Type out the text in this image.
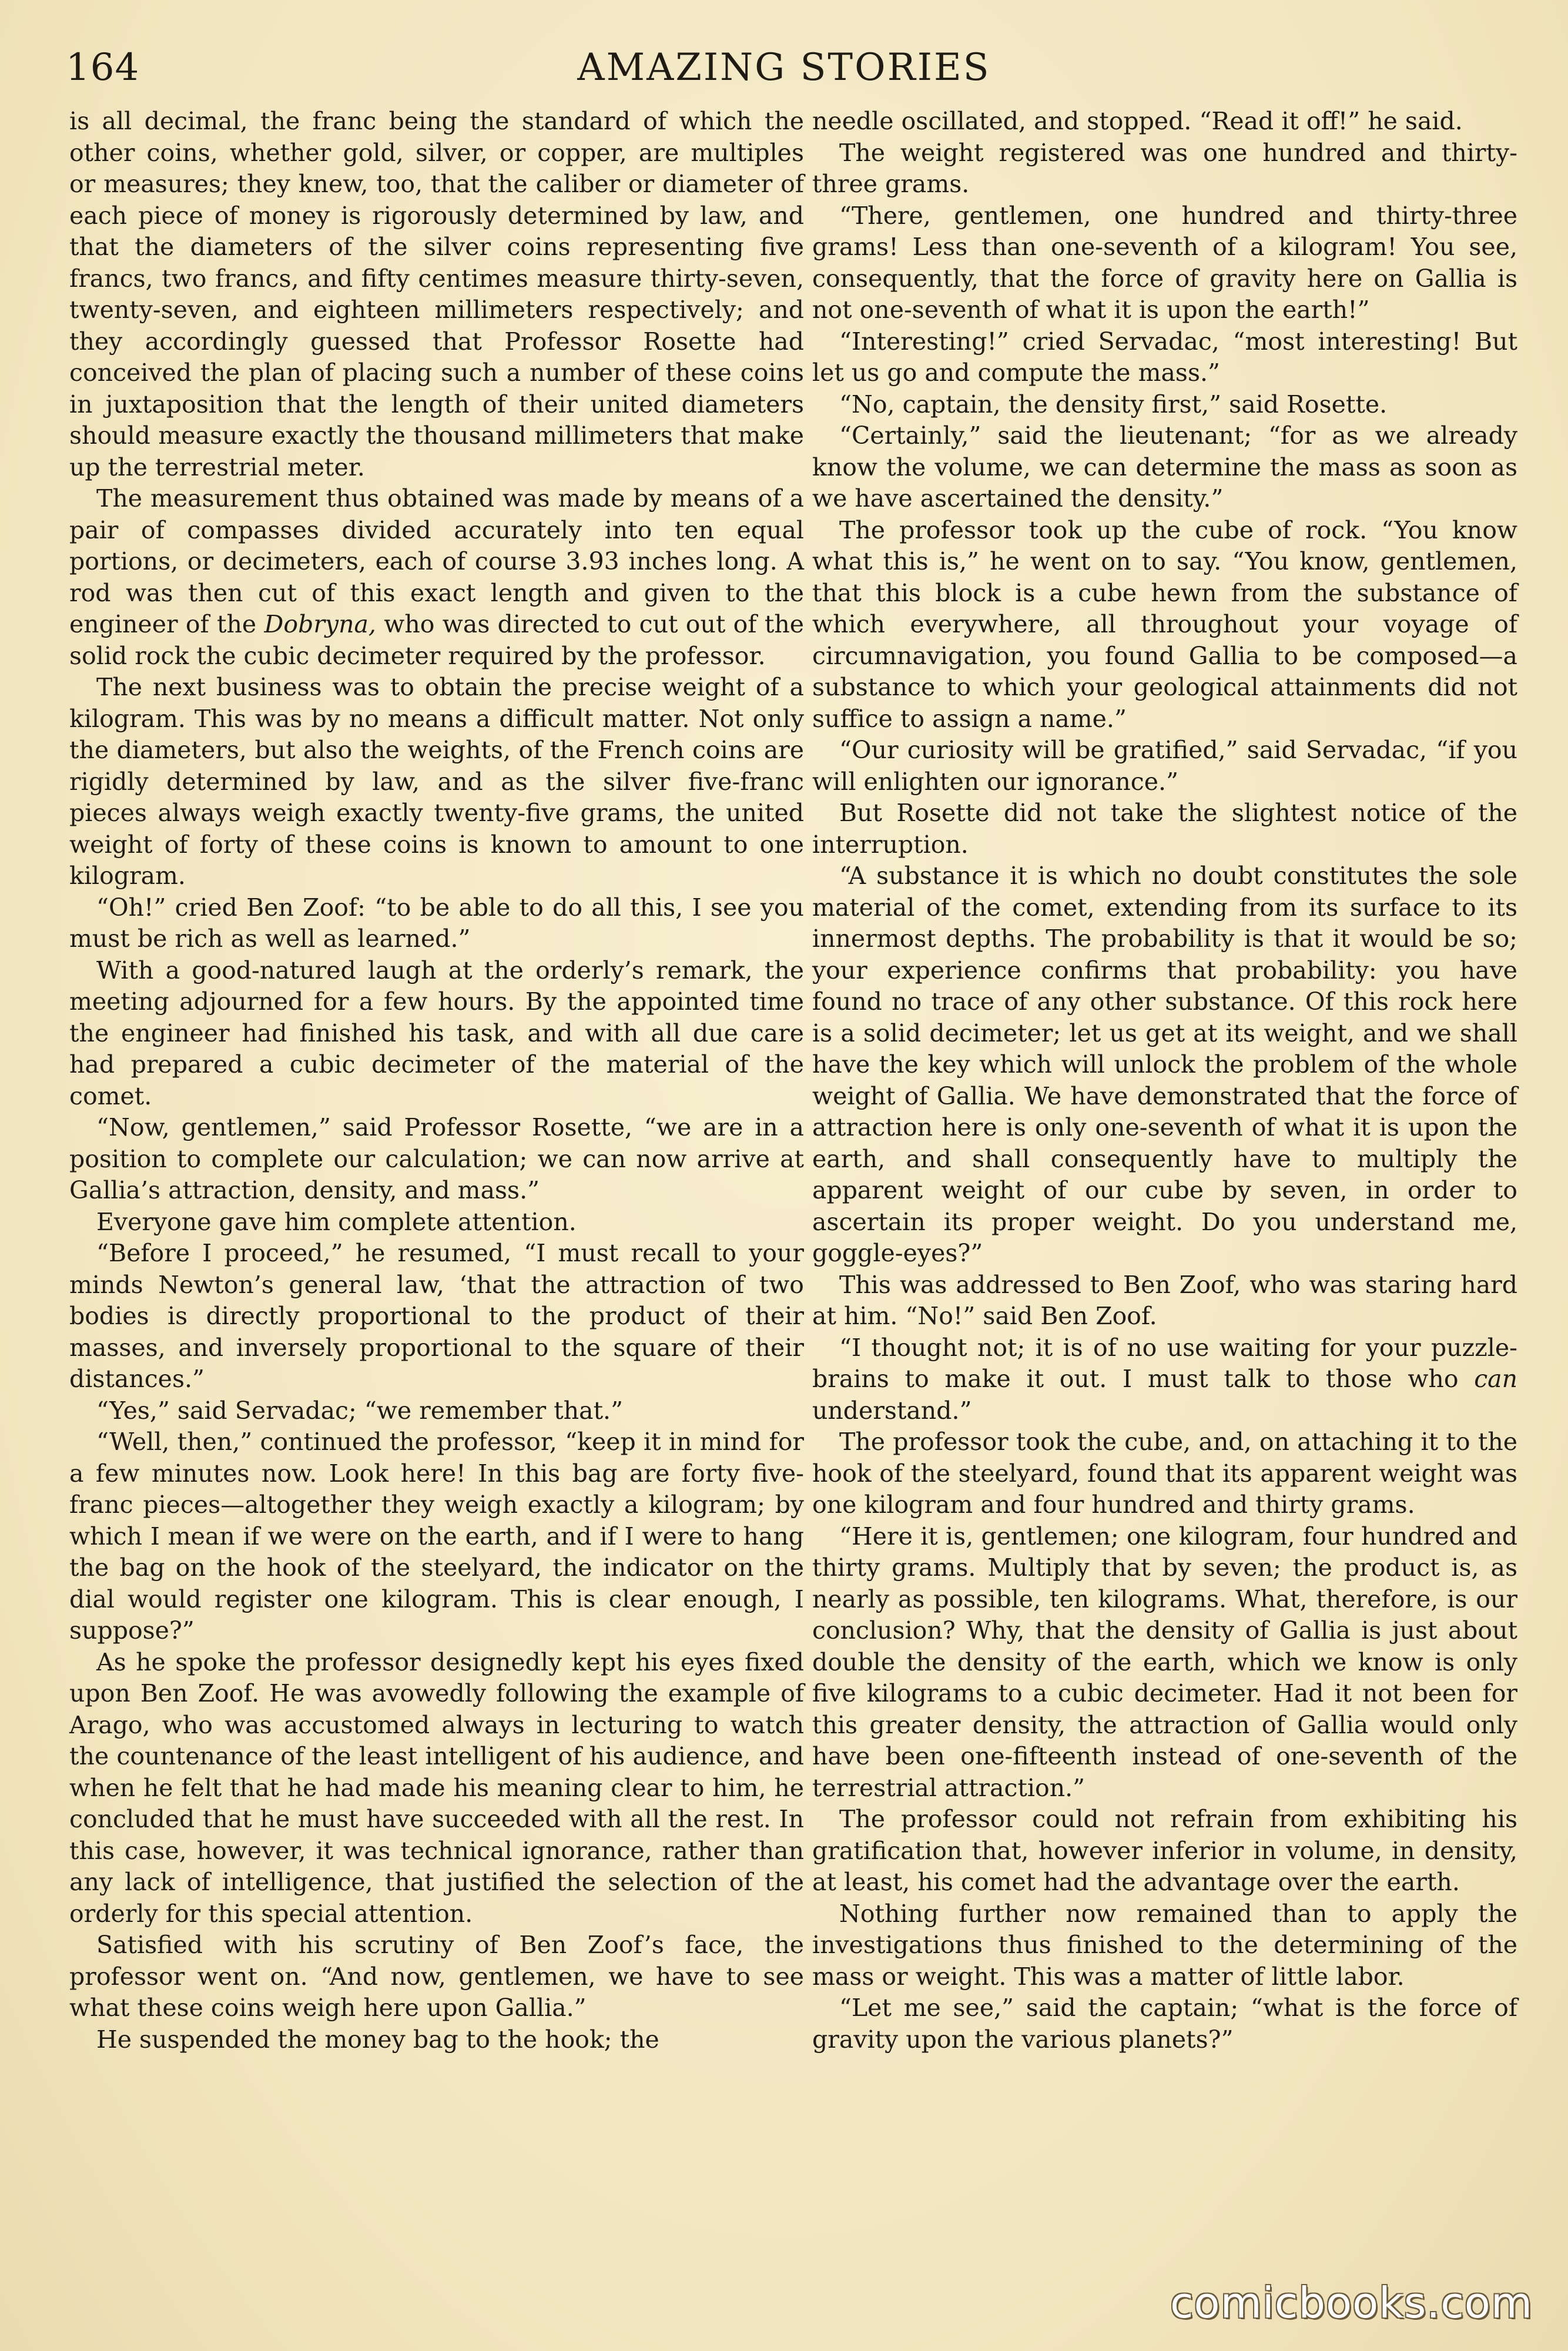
164	AMAZING STORIES

is all decimal, the franc being the standard of which the other coins, whether gold, silver, or copper, are multiples or measures; they knew, too, that the caliber or diameter of each piece of money is rigorously determined by law, and that the diameters of the silver coins representing five francs, two francs, and fifty centimes measure thirty-seven, twenty-seven, and eighteen millimeters respectively; and they accordingly guessed that Professor Rosette had conceived the plan of placing such a number of these coins in juxtaposition that the length of their united diameters should measure exactly the thousand millimeters that make up the terrestrial meter.

The measurement thus obtained was made by means of a pair of compasses divided accurately into ten equal portions, or decimeters, each of course 3.93 inches long. A rod was then cut of this exact length and given to the engineer of the Dobryna, who was directed to cut out of the solid rock the cubic decimeter required by the professor.

The next business was to obtain the precise weight of a kilogram. This was by no means a difficult matter. Not only the diameters, but also the weights, of the French coins are rigidly determined by law, and as the silver five-franc pieces always weigh exactly twenty-five grams, the united weight of forty of these coins is known to amount to one kilogram.

“Oh!” cried Ben Zoof: “to be able to do all this, I see you must be rich as well as learned.”

With a good-natured laugh at the orderly’s remark, the meeting adjourned for a few hours. By the appointed time the engineer had finished his task, and with all due care had prepared a cubic decimeter of the material of the comet.

“Now, gentlemen,” said Professor Rosette, “we are in a position to complete our calculation; we can now arrive at Gallia’s attraction, density, and mass.”

Everyone gave him complete attention.

“Before I proceed,” he resumed, “I must recall to your minds Newton’s general law, ‘that the attraction of two bodies is directly proportional to the product of their masses, and inversely proportional to the square of their distances.”

“Yes,” said Servadac; “we remember that.”

“Well, then,” continued the professor, “keep it in mind for a few minutes now. Look here! In this bag are forty five-franc pieces—altogether they weigh exactly a kilogram; by which I mean if we were on the earth, and if I were to hang the bag on the hook of the steelyard, the indicator on the dial would register one kilogram. This is clear enough, I suppose?”

As he spoke the professor designedly kept his eyes fixed upon Ben Zoof. He was avowedly following the example of Arago, who was accustomed always in lecturing to watch the countenance of the least intelligent of his audience, and when he felt that he had made his meaning clear to him, he concluded that he must have succeeded with all the rest. In this case, however, it was technical ignorance, rather than any lack of intelligence, that justified the selection of the orderly for this special attention.

Satisfied with his scrutiny of Ben Zoof’s face, the professor went on. “And now, gentlemen, we have to see what these coins weigh here upon Gallia.”

He suspended the money bag to the hook; the

needle oscillated, and stopped. “Read it off!” he said.

The weight registered was one hundred and thirty-three grams.

“There, gentlemen, one hundred and thirty-three grams! Less than one-seventh of a kilogram! You see, consequently, that the force of gravity here on Gallia is not one-seventh of what it is upon the earth!”

“Interesting!” cried Servadac, “most interesting! But let us go and compute the mass.”

“No, captain, the density first,” said Rosette.

“Certainly,” said the lieutenant; “for as we already know the volume, we can determine the mass as soon as we have ascertained the density.”

The professor took up the cube of rock. “You know what this is,” he went on to say. “You know, gentlemen, that this block is a cube hewn from the substance of which everywhere, all throughout your voyage of circumnavigation, you found Gallia to be composed—a substance to which your geological attainments did not suffice to assign a name.”

“Our curiosity will be gratified,” said Servadac, “if you will enlighten our ignorance.”

But Rosette did not take the slightest notice of the interruption.

“A substance it is which no doubt constitutes the sole material of the comet, extending from its surface to its innermost depths. The probability is that it would be so; your experience confirms that probability: you have found no trace of any other substance. Of this rock here is a solid decimeter; let us get at its weight, and we shall have the key which will unlock the problem of the whole weight of Gallia. We have demonstrated that the force of attraction here is only one-seventh of what it is upon the earth, and shall consequently have to multiply the apparent weight of our cube by seven, in order to ascertain its proper weight. Do you understand me, goggle-eyes?”

This was addressed to Ben Zoof, who was staring hard at him. “No!” said Ben Zoof.

“I thought not; it is of no use waiting for your puzzle-brains to make it out. I must talk to those who can understand.”

The professor took the cube, and, on attaching it to the hook of the steelyard, found that its apparent weight was one kilogram and four hundred and thirty grams.

“Here it is, gentlemen; one kilogram, four hundred and thirty grams. Multiply that by seven; the product is, as nearly as possible, ten kilograms. What, therefore, is our conclusion? Why, that the density of Gallia is just about double the density of the earth, which we know is only five kilograms to a cubic decimeter. Had it not been for this greater density, the attraction of Gallia would only have been one-fifteenth instead of one-seventh of the terrestrial attraction.”

The professor could not refrain from exhibiting his gratification that, however inferior in volume, in density, at least, his comet had the advantage over the earth.

Nothing further now remained than to apply the investigations thus finished to the determining of the mass or weight. This was a matter of little labor.

“Let me see,” said the captain; “what is the force of gravity upon the various planets?”

comicbooks.com
